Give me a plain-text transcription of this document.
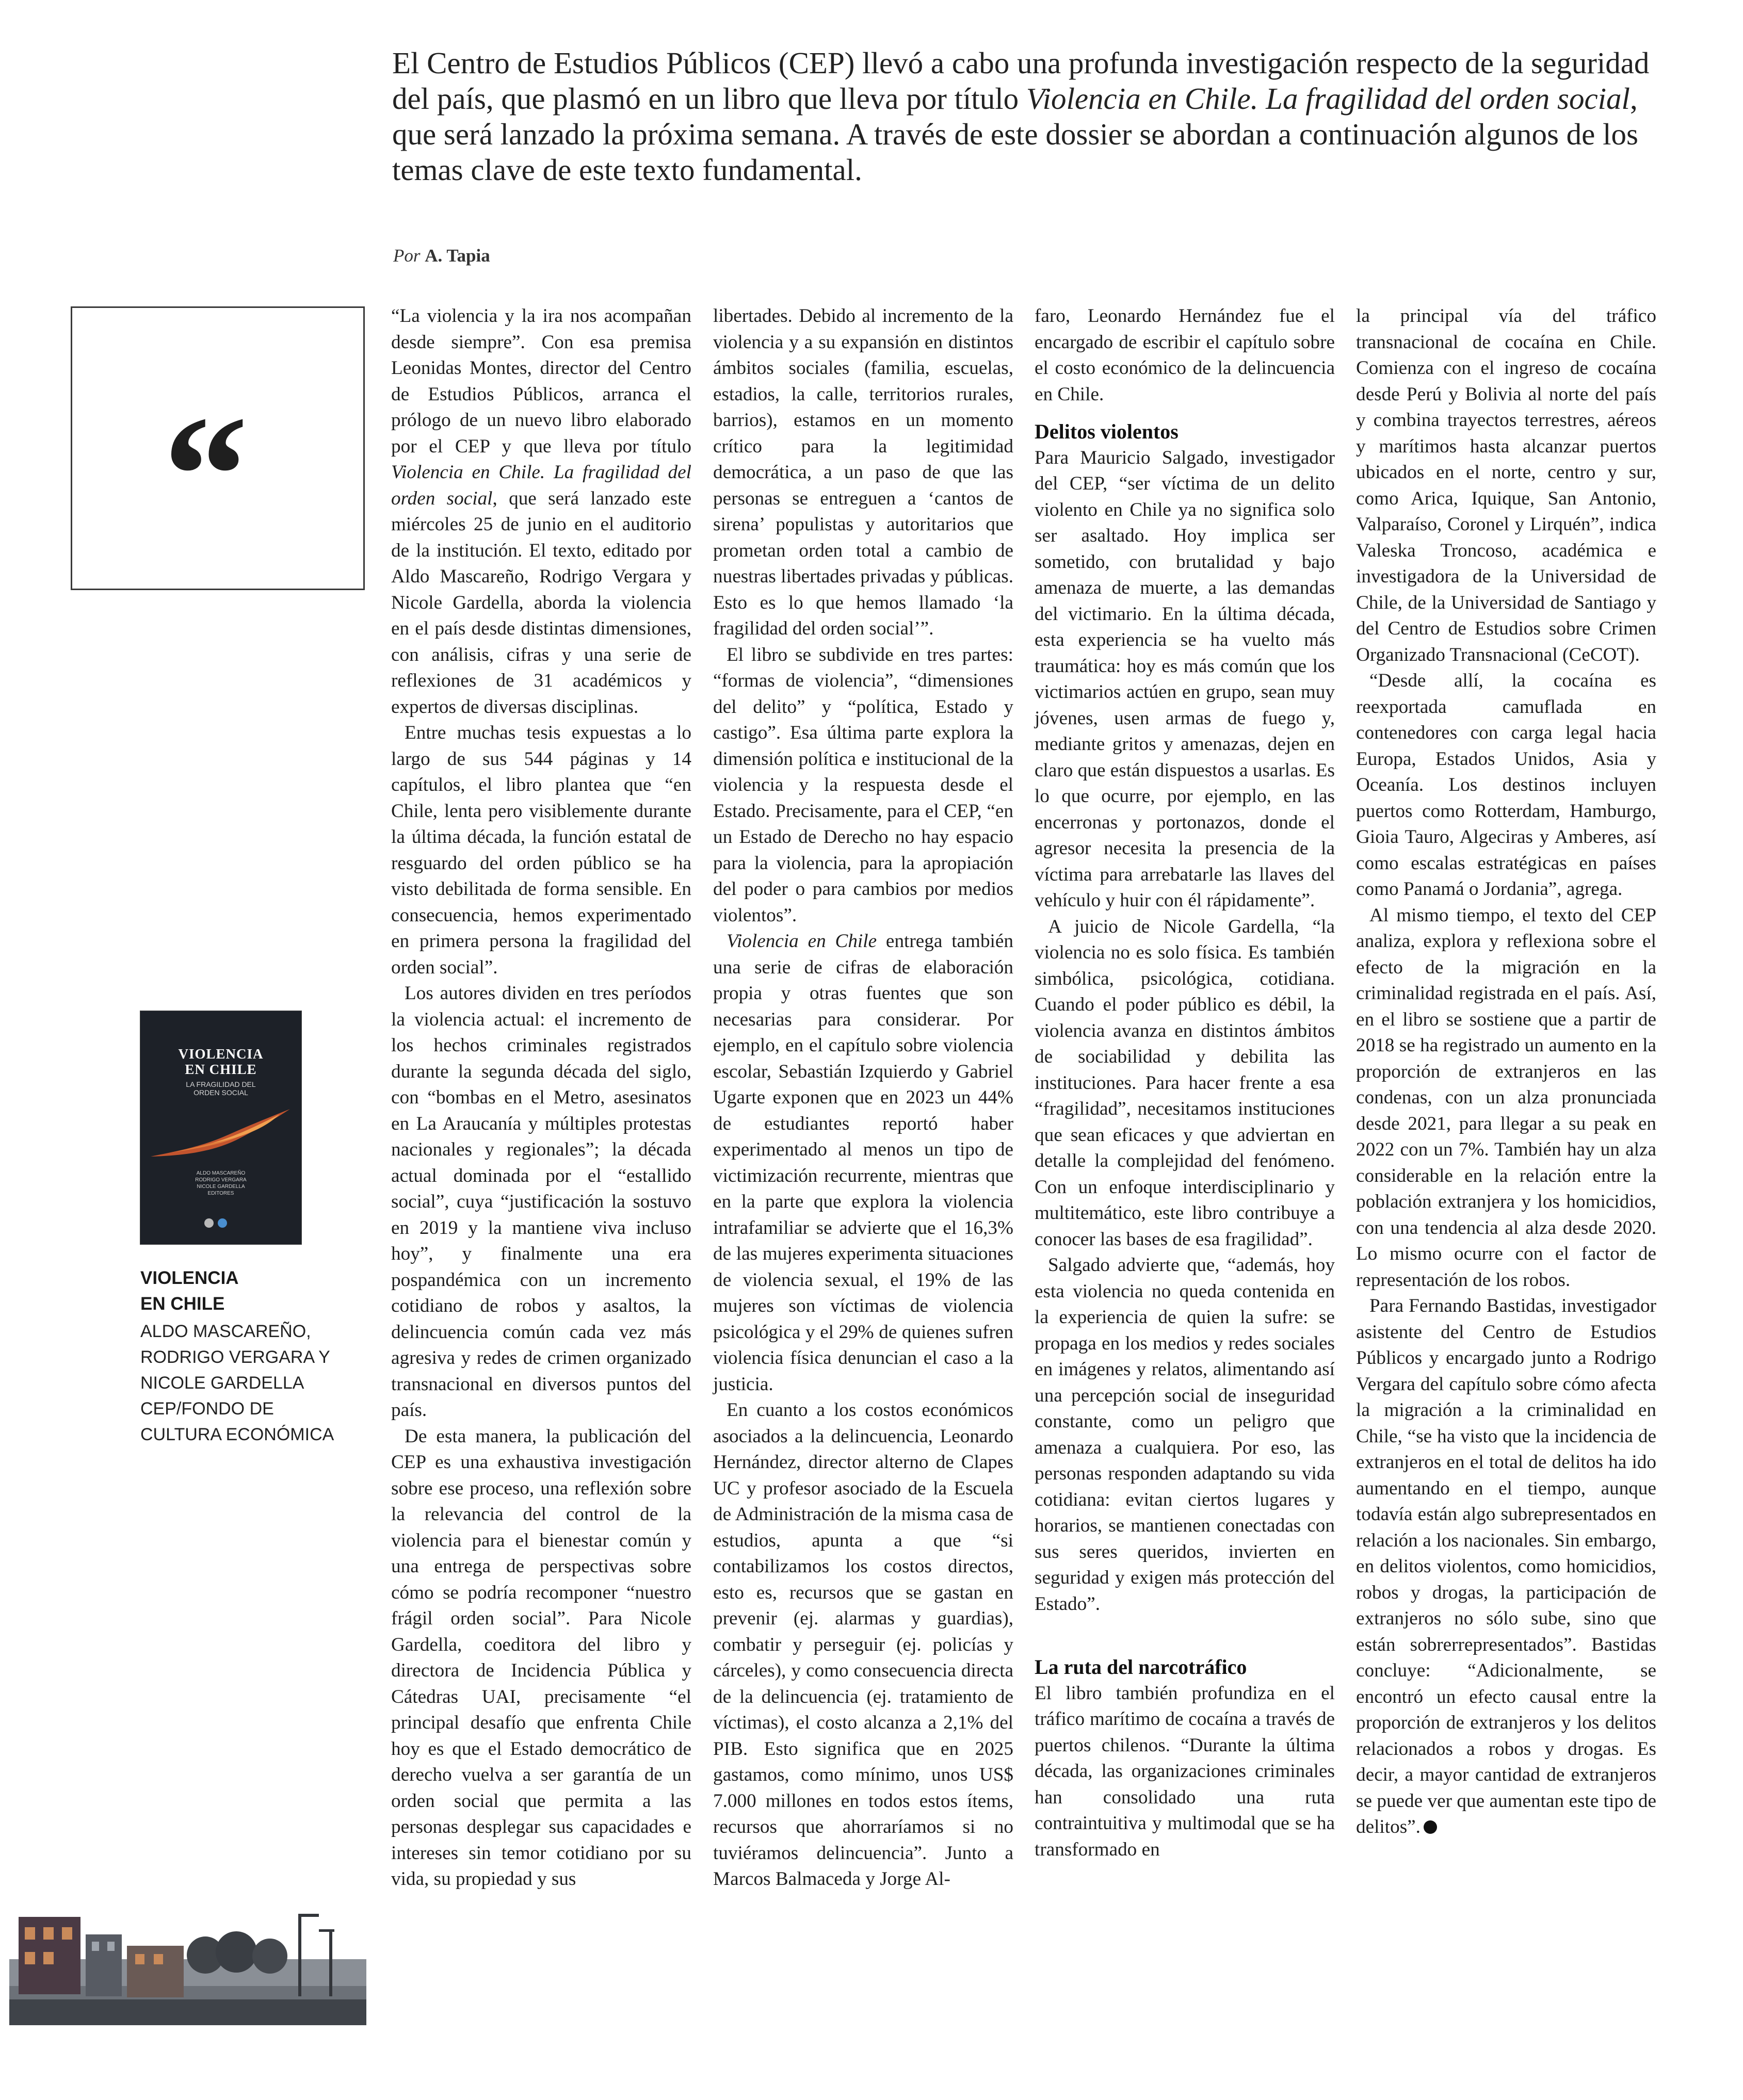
El Centro de Estudios Públicos (CEP) llevó a cabo una profunda investigación respecto de la seguridad del país, que plasmó en un libro que lleva por título Violencia en Chile. La fragilidad del orden social, que será lanzado la próxima semana. A través de este dossier se abordan a continuación algunos de los temas clave de este texto fundamental.
Por A. Tapia
“
VIOLENCIA
EN CHILE
LA FRAGILIDAD DEL
ORDEN SOCIAL
ALDO MASCAREÑO
RODRIGO VERGARA
NICOLE GARDELLA
EDITORES
VIOLENCIA
EN CHILE
ALDO MASCAREÑO,
RODRIGO VERGARA Y
NICOLE GARDELLA
CEP/FONDO DE
CULTURA ECONÓMICA

“La violencia y la ira nos acompañan desde siempre”. Con esa premisa Leonidas Montes, director del Centro de Estudios Públicos, arranca el prólogo de un nuevo libro elaborado por el CEP y que lleva por título Violencia en Chile. La fragilidad del orden social, que será lanzado este miércoles 25 de junio en el auditorio de la institución. El texto, editado por Aldo Mascareño, Rodrigo Vergara y Nicole Gardella, aborda la violencia en el país desde distintas dimensiones, con análisis, cifras y una serie de reflexiones de 31 académicos y expertos de diversas disciplinas.

Entre muchas tesis expuestas a lo largo de sus 544 páginas y 14 capítulos, el libro plantea que “en Chile, lenta pero visiblemente durante la última década, la función estatal de resguardo del orden público se ha visto debilitada de forma sensible. En consecuencia, hemos experimentado en primera persona la fragilidad del orden social”.

Los autores dividen en tres períodos la violencia actual: el incremento de los hechos criminales registrados durante la segunda década del siglo, con “bombas en el Metro, asesinatos en La Araucanía y múltiples protestas nacionales y regionales”; la década actual dominada por el “estallido social”, cuya “justificación la sostuvo en 2019 y la mantiene viva incluso hoy”, y finalmente una era pospandémica con un incremento cotidiano de robos y asaltos, la delincuencia común cada vez más agresiva y redes de crimen organizado transnacional en diversos puntos del país.

De esta manera, la publicación del CEP es una exhaustiva investigación sobre ese proceso, una reflexión sobre la relevancia del control de la violencia para el bienestar común y una entrega de perspectivas sobre cómo se podría recomponer “nuestro frágil orden social”. Para Nicole Gardella, coeditora del libro y directora de Incidencia Pública y Cátedras UAI, precisamente “el principal desafío que enfrenta Chile hoy es que el Estado democrático de derecho vuelva a ser garantía de un orden social que permita a las personas desplegar sus capacidades e intereses sin temor cotidiano por su vida, su propiedad y sus

libertades. Debido al incremento de la violencia y a su expansión en distintos ámbitos sociales (familia, escuelas, estadios, la calle, territorios rurales, barrios), estamos en un momento crítico para la legitimidad democrática, a un paso de que las personas se entreguen a ‘cantos de sirena’ populistas y autoritarios que prometan orden total a cambio de nuestras libertades privadas y públicas. Esto es lo que hemos llamado ‘la fragilidad del orden social’”.

El libro se subdivide en tres partes: “formas de violencia”, “dimensiones del delito” y “política, Estado y castigo”. Esa última parte explora la dimensión política e institucional de la violencia y la respuesta desde el Estado. Precisamente, para el CEP, “en un Estado de Derecho no hay espacio para la violencia, para la apropiación del poder o para cambios por medios violentos”.

Violencia en Chile entrega también una serie de cifras de elaboración propia y otras fuentes que son necesarias para considerar. Por ejemplo, en el capítulo sobre violencia escolar, Sebastián Izquierdo y Gabriel Ugarte exponen que en 2023 un 44% de estudiantes reportó haber experimentado al menos un tipo de victimización recurrente, mientras que en la parte que explora la violencia intrafamiliar se advierte que el 16,3% de las mujeres experimenta situaciones de violencia sexual, el 19% de las mujeres son víctimas de violencia psicológica y el 29% de quienes sufren violencia física denuncian el caso a la justicia.

En cuanto a los costos económicos asociados a la delincuencia, Leonardo Hernández, director alterno de Clapes UC y profesor asociado de la Escuela de Administración de la misma casa de estudios, apunta a que “si contabilizamos los costos directos, esto es, recursos que se gastan en prevenir (ej. alarmas y guardias), combatir y perseguir (ej. policías y cárceles), y como consecuencia directa de la delincuencia (ej. tratamiento de víctimas), el costo alcanza a 2,1% del PIB. Esto significa que en 2025 gastamos, como mínimo, unos US$ 7.000 millones en todos estos ítems, recursos que ahorraríamos si no tuviéramos delincuencia”. Junto a Marcos Balmaceda y Jorge Al-

faro, Leonardo Hernández fue el encargado de escribir el capítulo sobre el costo económico de la delincuencia en Chile.

Delitos violentos

Para Mauricio Salgado, investigador del CEP, “ser víctima de un delito violento en Chile ya no significa solo ser asaltado. Hoy implica ser sometido, con brutalidad y bajo amenaza de muerte, a las demandas del victimario. En la última década, esta experiencia se ha vuelto más traumática: hoy es más común que los victimarios actúen en grupo, sean muy jóvenes, usen armas de fuego y, mediante gritos y amenazas, dejen en claro que están dispuestos a usarlas. Es lo que ocurre, por ejemplo, en las encerronas y portonazos, donde el agresor necesita la presencia de la víctima para arrebatarle las llaves del vehículo y huir con él rápidamente”.

A juicio de Nicole Gardella, “la violencia no es solo física. Es también simbólica, psicológica, cotidiana. Cuando el poder público es débil, la violencia avanza en distintos ámbitos de sociabilidad y debilita las instituciones. Para hacer frente a esa “fragilidad”, necesitamos instituciones que sean eficaces y que adviertan en detalle la complejidad del fenómeno. Con un enfoque interdisciplinario y multitemático, este libro contribuye a conocer las bases de esa fragilidad”.

Salgado advierte que, “además, hoy esta violencia no queda contenida en la experiencia de quien la sufre: se propaga en los medios y redes sociales en imágenes y relatos, alimentando así una percepción social de inseguridad constante, como un peligro que amenaza a cualquiera. Por eso, las personas responden adaptando su vida cotidiana: evitan ciertos lugares y horarios, se mantienen conectadas con sus seres queridos, invierten en seguridad y exigen más protección del Estado”.

La ruta del narcotráfico

El libro también profundiza en el tráfico marítimo de cocaína a través de puertos chilenos. “Durante la última década, las organizaciones criminales han consolidado una ruta contraintuitiva y multimodal que se ha transformado en

la principal vía del tráfico transnacional de cocaína en Chile. Comienza con el ingreso de cocaína desde Perú y Bolivia al norte del país y combina trayectos terrestres, aéreos y marítimos hasta alcanzar puertos ubicados en el norte, centro y sur, como Arica, Iquique, San Antonio, Valparaíso, Coronel y Lirquén”, indica Valeska Troncoso, académica e investigadora de la Universidad de Chile, de la Universidad de Santiago y del Centro de Estudios sobre Crimen Organizado Transnacional (CeCOT).

“Desde allí, la cocaína es reexportada camuflada en contenedores con carga legal hacia Europa, Estados Unidos, Asia y Oceanía. Los destinos incluyen puertos como Rotterdam, Hamburgo, Gioia Tauro, Algeciras y Amberes, así como escalas estratégicas en países como Panamá o Jordania”, agrega.

Al mismo tiempo, el texto del CEP analiza, explora y reflexiona sobre el efecto de la migración en la criminalidad registrada en el país. Así, en el libro se sostiene que a partir de 2018 se ha registrado un aumento en la proporción de extranjeros en las condenas, con un alza pronunciada desde 2021, para llegar a su peak en 2022 con un 7%. También hay un alza considerable en la relación entre la población extranjera y los homicidios, con una tendencia al alza desde 2020. Lo mismo ocurre con el factor de representación de los robos.

Para Fernando Bastidas, investigador asistente del Centro de Estudios Públicos y encargado junto a Rodrigo Vergara del capítulo sobre cómo afecta la migración a la criminalidad en Chile, “se ha visto que la incidencia de extranjeros en el total de delitos ha ido aumentando en el tiempo, aunque todavía están algo subrepresentados en relación a los nacionales. Sin embargo, en delitos violentos, como homicidios, robos y drogas, la participación de extranjeros no sólo sube, sino que están sobrerrepresentados”. Bastidas concluye: “Adicionalmente, se encontró un efecto causal entre la proporción de extranjeros y los delitos relacionados a robos y drogas. Es decir, a mayor cantidad de extranjeros se puede ver que aumentan este tipo de delitos”.
